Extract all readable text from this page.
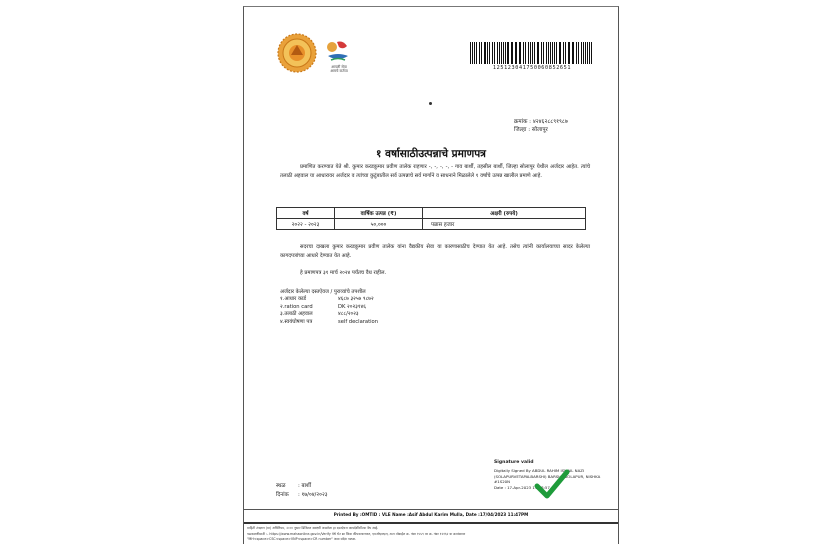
आपली सेवा
आमचे कर्तव्य
125123041750060852651
क्रमांक : ४२४६२८८९१९८७
जिल्हा : सोलापूर
१ वर्षासाठीउत्पन्नाचे प्रमाणपत्र
प्रमाणित करण्यात येते श्री. कुमार करडकुमार प्रवीण तालेक राहणार -, -, -, -, - गाव बार्शी, तहसील बार्शी, जिल्हा सोलापूर येथील अर्जदार आहेत. त्यांचे तलाठी अहवाल या आधारावर अर्जदार व त्यांच्या कुटुंबातील सर्व उत्पन्नाचे सर्व मार्गाने व साधनाने मिळालेले १ वर्षाचे उत्पन्न खालील प्रमाणे आहे.
वर्ष	वार्षिक उत्पन्न (₹)	अक्षरी (रुपये)
२०२२ - २०२३	५०,०००	पन्नास हजार
सदरचा दाखला कुमार करडकुमार प्रवीण तालेक यांना वैद्यकीय सेवा या कारणासाठीच देण्यात येत आहे. तसेच त्यांनी कार्यालयाच्या सादर केलेल्या कागदपत्रांच्या आधारे देण्यात येत आहे.
हे प्रमाणपत्र ३१ मार्च २०२४ पर्यंतच वैध राहील.
अर्जदार केलेल्या दस्तऐवज / पुराव्यांचे तपशील
१.आधार कार्ड	४६८७ ३२५७ ९८७२
२.ration card	DK २०२३१४६
३.तलाठी अहवाल	४८८/२०२३
४.स्वयंघोषणा पत्र	self declaration
Signature valid
Digitally Signed By ABDUL RAHIM ISMAIL NAZI
(SOLAPURVETAPALBARSHI) BARSHI, SOLAPUR, NISHKA
#1S20N
Date : 17-Apr-2023 11:18:57
स्थळ	: बार्शी
दिनांक	: १७/०४/२०२३
Printed By :OMTID : VLE Name :Asif Abdul Karim Mulla, Date :17/04/2023 11:47PM
माहिती तंत्रज्ञान (मा) अधिनियम, २००० नुसार डिजिटल स्वाक्षरी असलेला हा दस्तऐवज कायदेशीररित्या वैध आहे.
पडताळणीसाठी :- https://www.mahaonline.gov.in/Verify येथे भेट द्या किंवा कीपवरकनकन, एमओएसएल, टाटा मोबाईल क्र. नंबर १५५९ वर क्र. नंबर १२१६२ या क्रमांकावर
"MH<space>CSC<space>VNP<space>CR number" असा संदेश पाठवा.
